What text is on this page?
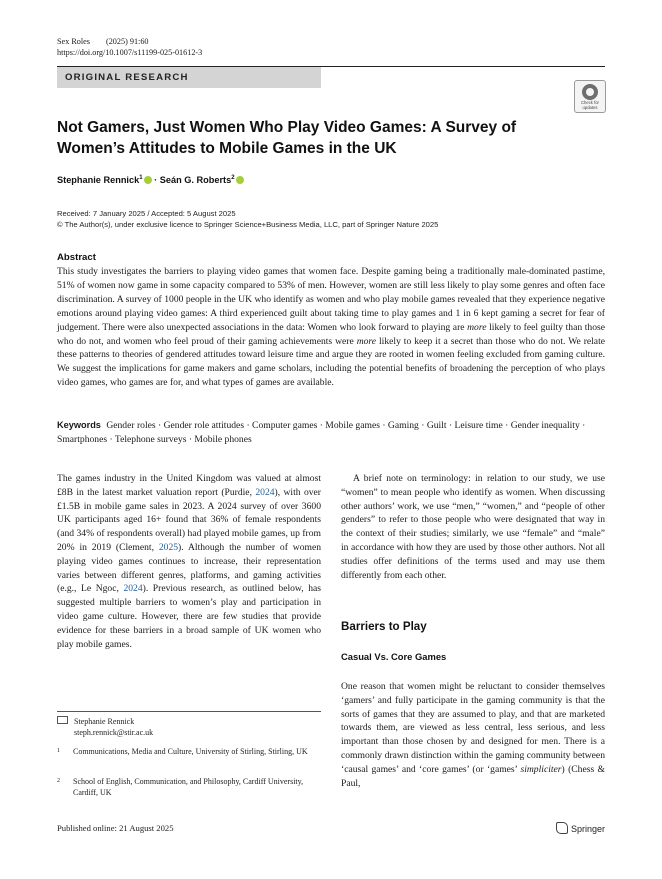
Sex Roles (2025) 91:60
https://doi.org/10.1007/s11199-025-01612-3
ORIGINAL RESEARCH
Check for updates
Not Gamers, Just Women Who Play Video Games: A Survey of Women’s Attitudes to Mobile Games in the UK
Stephanie Rennick$^1$ · Seán G. Roberts$^2$
Received: 7 January 2025 / Accepted: 5 August 2025
© The Author(s), under exclusive licence to Springer Science+Business Media, LLC, part of Springer Nature 2025
Abstract
This study investigates the barriers to playing video games that women face. Despite gaming being a traditionally male-dominated pastime, 51% of women now game in some capacity compared to 53% of men. However, women are still less likely to play some genres and often face discrimination. A survey of 1000 people in the UK who identify as women and who play mobile games revealed that they experience negative emotions around playing video games: A third experienced guilt about taking time to play games and 1 in 6 kept gaming a secret for fear of judgement. There were also unexpected associations in the data: Women who look forward to playing are more likely to feel guilty than those who do not, and women who feel proud of their gaming achievements were more likely to keep it a secret than those who do not. We relate these patterns to theories of gendered attitudes toward leisure time and argue they are rooted in women feeling excluded from gaming culture. We suggest the implications for game makers and game scholars, including the potential benefits of broadening the perception of who plays video games, who games are for, and what types of games are available.
Keywords Gender roles · Gender role attitudes · Computer games · Mobile games · Gaming · Guilt · Leisure time · Gender inequality · Smartphones · Telephone surveys · Mobile phones

The games industry in the United Kingdom was valued at almost £8B in the latest market valuation report (Purdie, 2024), with over £1.5B in mobile game sales in 2023. A 2024 survey of over 3600 UK participants aged 16+ found that 36% of female respondents (and 34% of respondents overall) had played mobile games, up from 20% in 2019 (Clement, 2025). Although the number of women playing video games continues to increase, their representation varies between different genres, platforms, and gaming activities (e.g., Le Ngoc, 2024). Previous research, as outlined below, has suggested multiple barriers to women’s play and participation in video game culture. However, there are few studies that provide evidence for these barriers in a broad sample of UK women who play mobile games.

A brief note on terminology: in relation to our study, we use “women” to mean people who identify as women. When discussing other authors’ work, we use “men,” “women,” and “people of other genders” to refer to those people who were designated that way in the context of their studies; similarly, we use “female” and “male” in accordance with how they are used by those other authors. Not all studies offer definitions of the terms used and may use them differently from each other.

Barriers to Play
Casual Vs. Core Games

One reason that women might be reluctant to consider themselves ‘gamers’ and fully participate in the gaming community is that the sorts of games that they are assumed to play, and that are marketed towards them, are viewed as less central, less serious, and less important than those chosen by and designed for men. There is a commonly drawn distinction within the gaming community between ‘causal games’ and ‘core games’ (or ‘games’ simpliciter) (Chess & Paul,

Stephanie Rennick
steph.rennick@stir.ac.uk
1 Communications, Media and Culture, University of Stirling, Stirling, UK
2 School of English, Communication, and Philosophy, Cardiff University, Cardiff, UK
Published online: 21 August 2025	Springer
